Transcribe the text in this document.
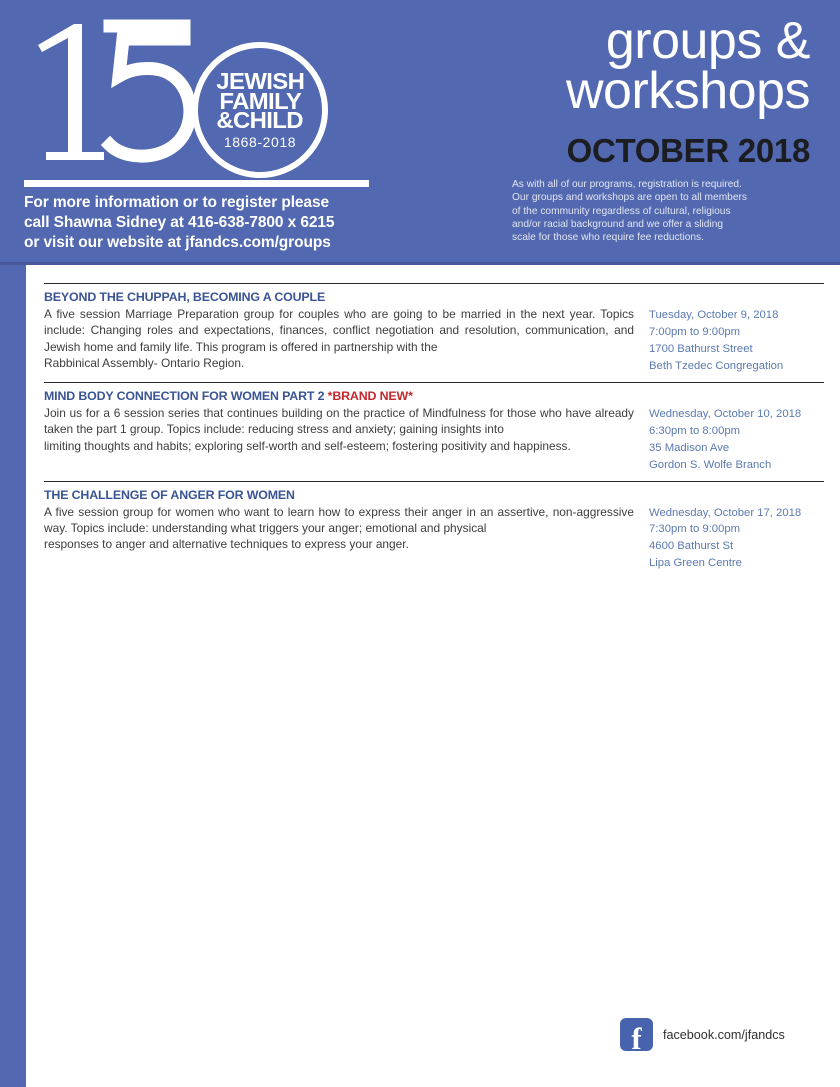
JEWISH
FAMILY
&CHILD
1868-2018
For more information or to register please
call Shawna Sidney at 416-638-7800 x 6215
or visit our website at jfandcs.com/groups
groups &
workshops
OCTOBER 2018
As with all of our programs, registration is required.
Our groups and workshops are open to all members
of the community regardless of cultural, religious
and/or racial background and we offer a sliding
scale for those who require fee reductions.
BEYOND THE CHUPPAH, BECOMING A COUPLE
A five session Marriage Preparation group for couples who are going to be married in the next year. Topics include: Changing roles and expectations, finances, conflict negotiation and resolution, communication, and Jewish home and family life. This program is offered in partnership with the
Rabbinical Assembly- Ontario Region.
Tuesday, October 9, 2018
7:00pm to 9:00pm
1700 Bathurst Street
Beth Tzedec Congregation
MIND BODY CONNECTION FOR WOMEN PART 2 *BRAND NEW*
Join us for a 6 session series that continues building on the practice of Mindfulness for those who have already taken the part 1 group. Topics include: reducing stress and anxiety; gaining insights into
limiting thoughts and habits; exploring self-worth and self-esteem; fostering positivity and happiness.
Wednesday, October 10, 2018
6:30pm to 8:00pm
35 Madison Ave
Gordon S. Wolfe Branch
THE CHALLENGE OF ANGER FOR WOMEN
A five session group for women who want to learn how to express their anger in an assertive, non-aggressive way. Topics include: understanding what triggers your anger; emotional and physical
responses to anger and alternative techniques to express your anger.
Wednesday, October 17, 2018
7:30pm to 9:00pm
4600 Bathurst St
Lipa Green Centre
f	facebook.com/jfandcs
